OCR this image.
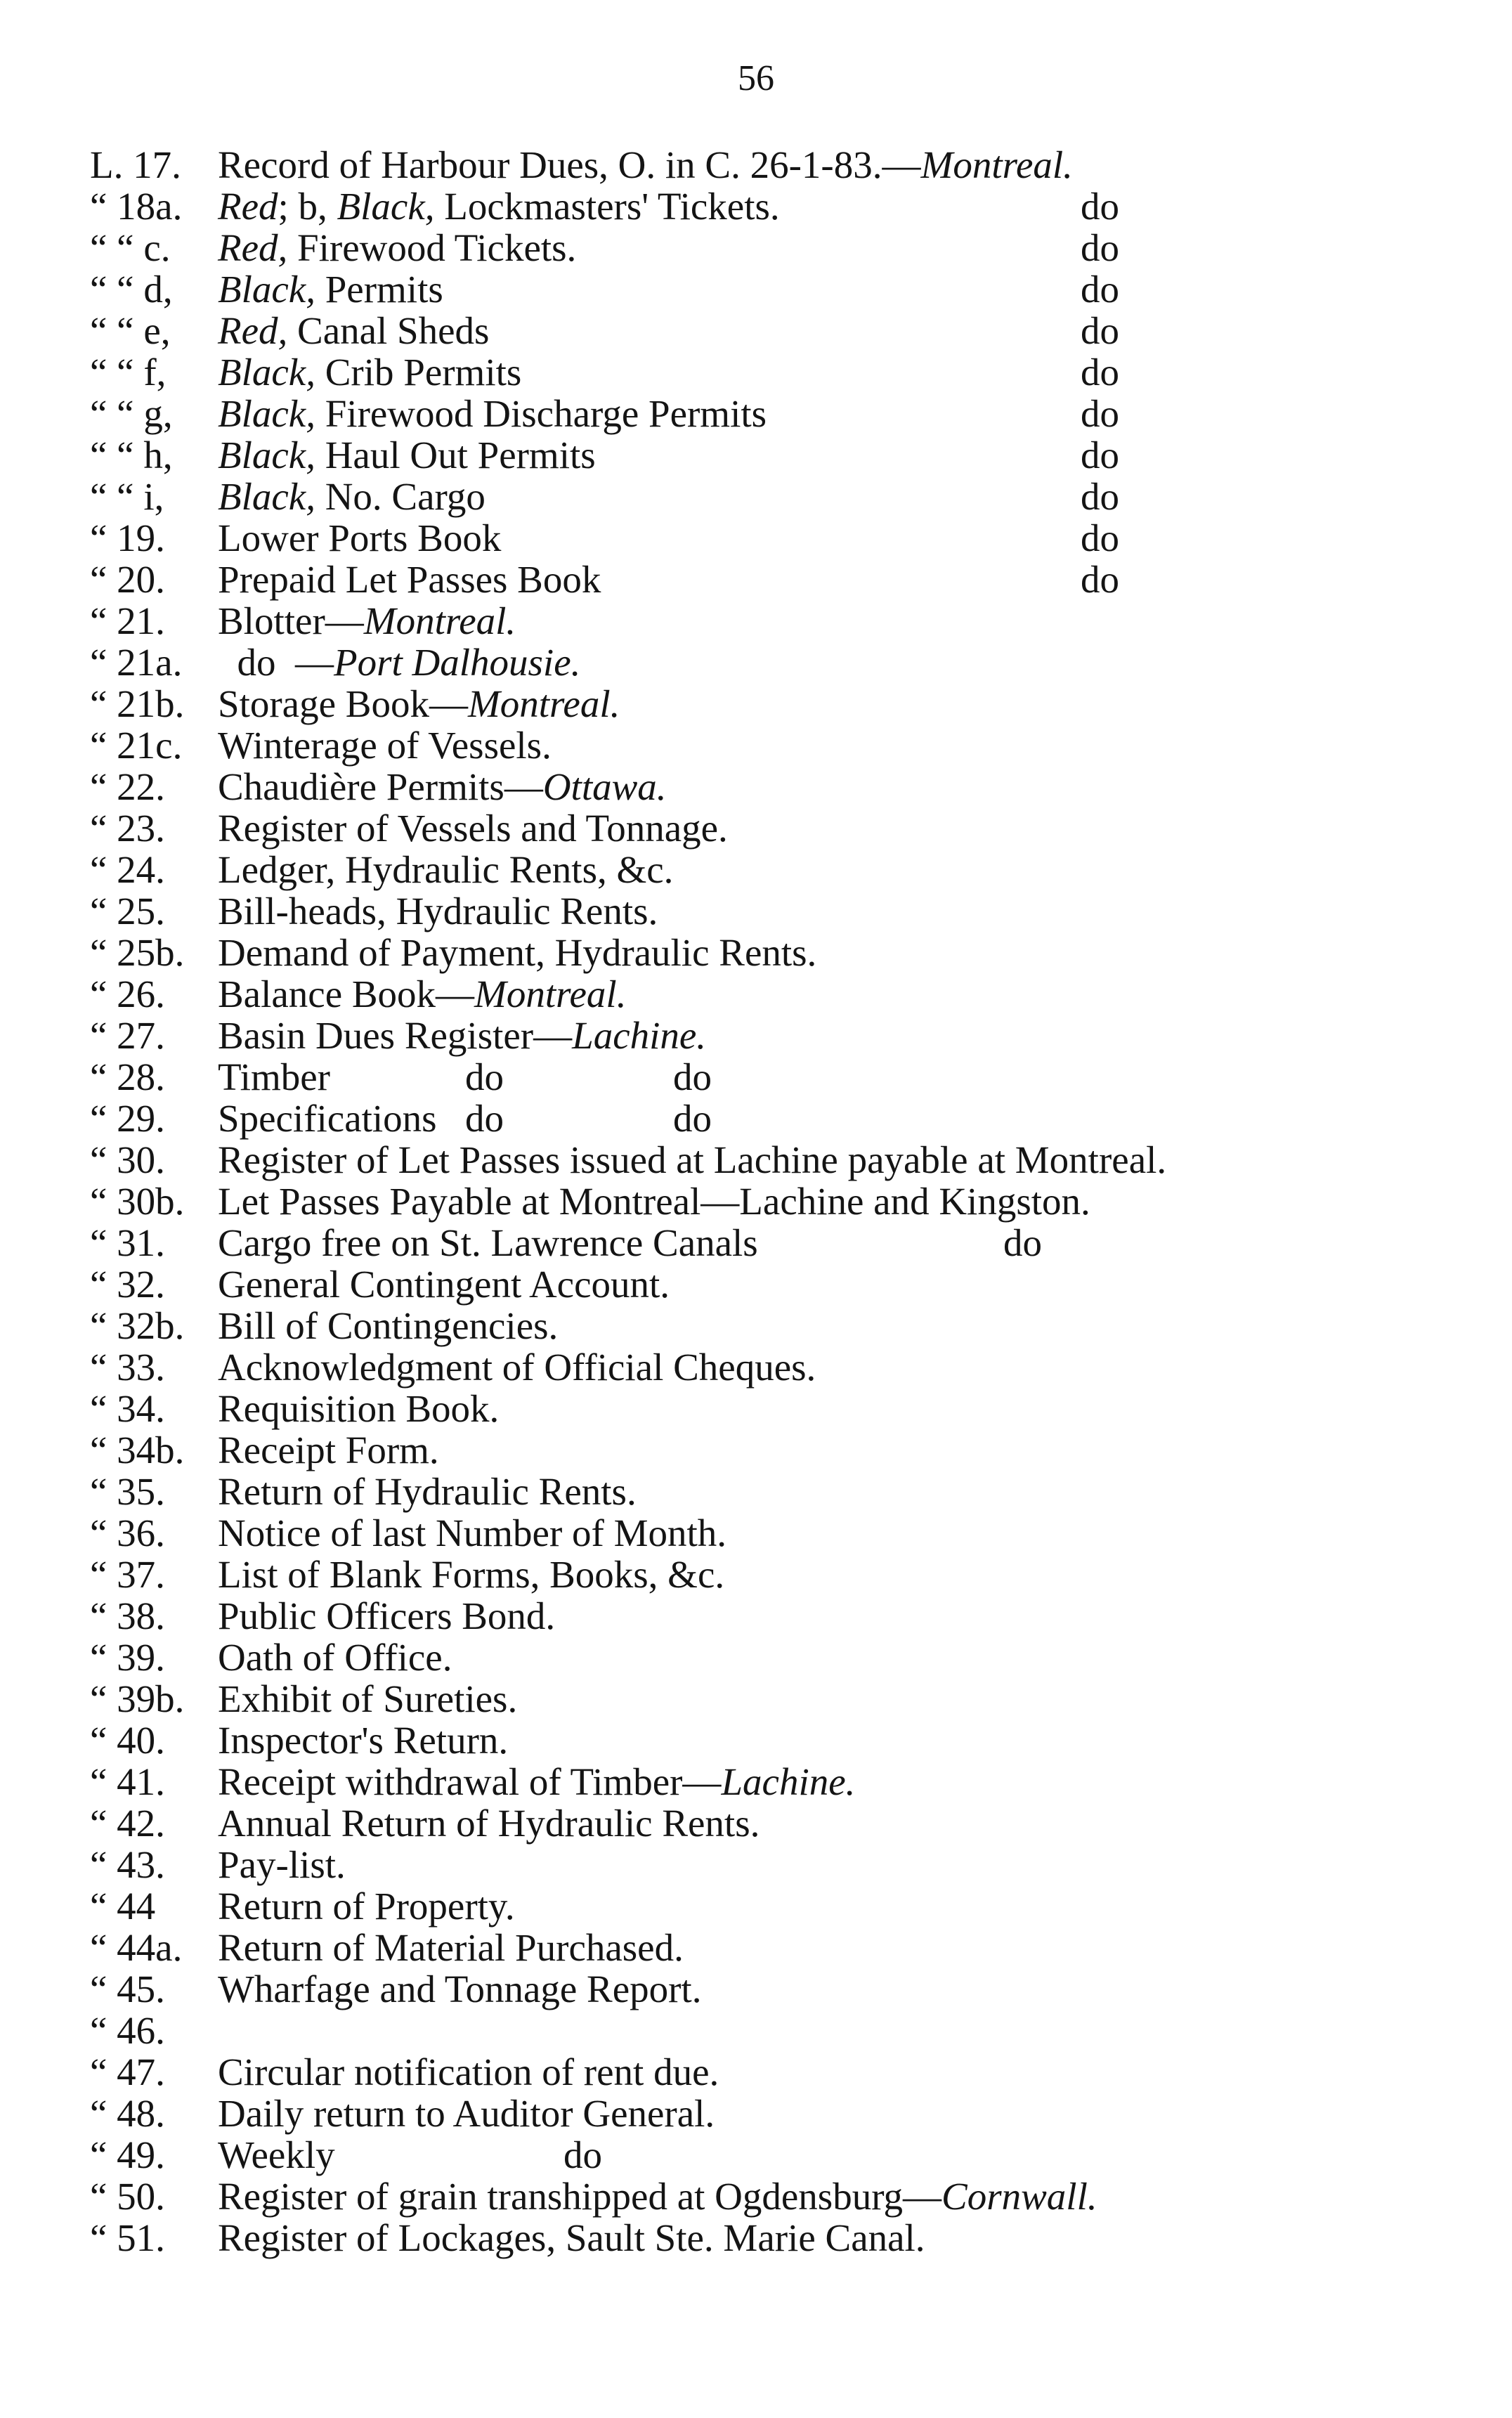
56
L. 17. Record of Harbour Dues, O. in C. 26-1-83.—Montreal.
“ 18a. Red; b, Black, Lockmasters' Tickets.	do
“ “ c. Red, Firewood Tickets.	do
“ “ d, Black, Permits	do
“ “ e, Red, Canal Sheds	do
“ “ f, Black, Crib Permits	do
“ “ g, Black, Firewood Discharge Permits	do
“ “ h, Black, Haul Out Permits	do
“ “ i, Black, No. Cargo	do
“ 19. Lower Ports Book	do
“ 20. Prepaid Let Passes Book	do
“ 21. Blotter—Montreal.
“ 21a. do  —Port Dalhousie.
“ 21b. Storage Book—Montreal.
“ 21c. Winterage of Vessels.
“ 22. Chaudière Permits—Ottawa.
“ 23. Register of Vessels and Tonnage.
“ 24. Ledger, Hydraulic Rents, &c.
“ 25. Bill-heads, Hydraulic Rents.
“ 25b. Demand of Payment, Hydraulic Rents.
“ 26. Balance Book—Montreal.
“ 27. Basin Dues Register—Lachine.
“ 28. Timber	do	do
“ 29. Specifications do	do
“ 30. Register of Let Passes issued at Lachine payable at Montreal.
“ 30b. Let Passes Payable at Montreal—Lachine and Kingston.
“ 31. Cargo free on St. Lawrence Canals	do
“ 32. General Contingent Account.
“ 32b. Bill of Contingencies.
“ 33. Acknowledgment of Official Cheques.
“ 34. Requisition Book.
“ 34b. Receipt Form.
“ 35. Return of Hydraulic Rents.
“ 36. Notice of last Number of Month.
“ 37. List of Blank Forms, Books, &c.
“ 38. Public Officers Bond.
“ 39. Oath of Office.
“ 39b. Exhibit of Sureties.
“ 40. Inspector's Return.
“ 41. Receipt withdrawal of Timber—Lachine.
“ 42. Annual Return of Hydraulic Rents.
“ 43. Pay-list.
“ 44 Return of Property.
“ 44a. Return of Material Purchased.
“ 45. Wharfage and Tonnage Report.
“ 46.
“ 47. Circular notification of rent due.
“ 48. Daily return to Auditor General.
“ 49. Weekly	do
“ 50. Register of grain transhipped at Ogdensburg—Cornwall.
“ 51. Register of Lockages, Sault Ste. Marie Canal.
